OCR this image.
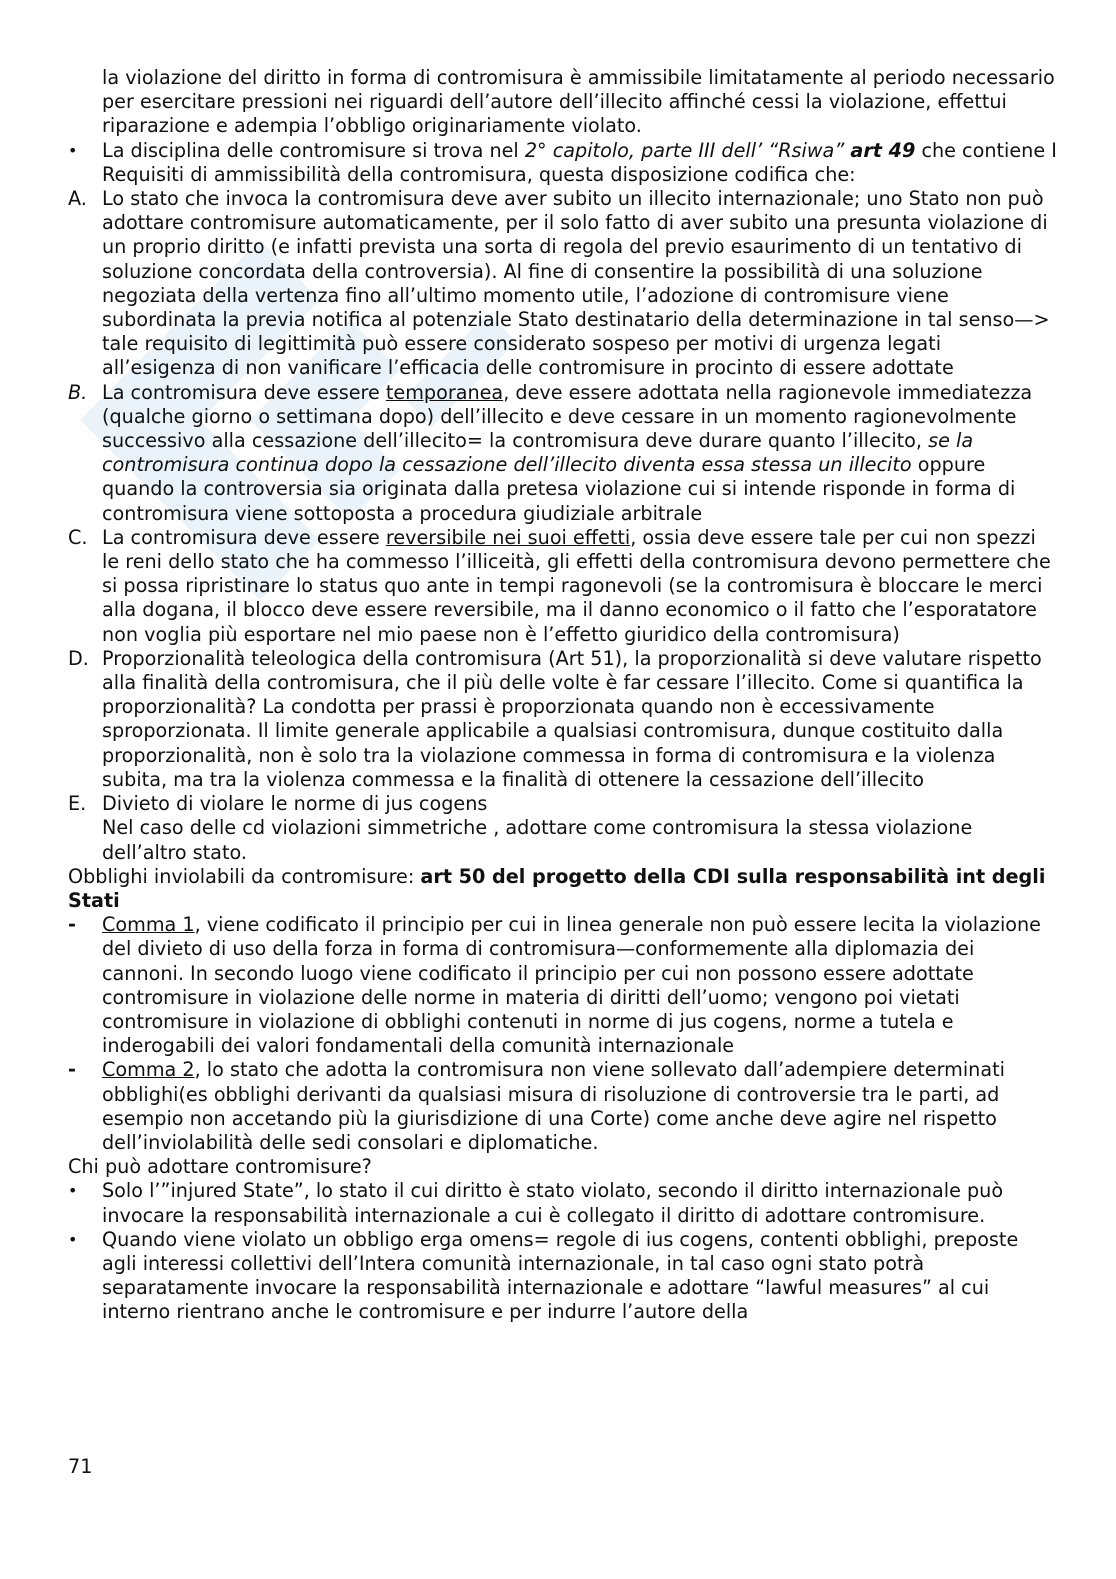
la violazione del diritto in forma di contromisura è ammissibile limitatamente al periodo necessario per esercitare pressioni nei riguardi dell’autore dell’illecito affinché cessi la violazione, effettui riparazione e adempia l’obbligo originariamente violato.
•	La disciplina delle contromisure si trova nel 2° capitolo, parte III dell’ “Rsiwa” art 49 che contiene I Requisiti di ammissibilità della contromisura, questa disposizione codifica che:
A. Lo stato che invoca la contromisura deve aver subito un illecito internazionale; uno Stato non può adottare contromisure automaticamente, per il solo fatto di aver subito una presunta violazione di un proprio diritto (e infatti prevista una sorta di regola del previo esaurimento di un tentativo di soluzione concordata della controversia). Al fine di consentire la possibilità di una soluzione negoziata della vertenza fino all’ultimo momento utile, l’adozione di contromisure viene subordinata la previa notifica al potenziale Stato destinatario della determinazione in tal senso—> tale requisito di legittimità può essere considerato sospeso per motivi di urgenza legati all’esigenza di non vanificare l’efficacia delle contromisure in procinto di essere adottate
B. La contromisura deve essere temporanea, deve essere adottata nella ragionevole immediatezza (qualche giorno o settimana dopo) dell’illecito e deve cessare in un momento ragionevolmente successivo alla cessazione dell’illecito= la contromisura deve durare quanto l’illecito, se la contromisura continua dopo la cessazione dell’illecito diventa essa stessa un illecito oppure quando la controversia sia originata dalla pretesa violazione cui si intende risponde in forma di contromisura viene sottoposta a procedura giudiziale arbitrale
C. La contromisura deve essere reversibile nei suoi effetti, ossia deve essere tale per cui non spezzi le reni dello stato che ha commesso l’illiceità, gli effetti della contromisura devono permettere che si possa ripristinare lo status quo ante in tempi ragonevoli (se la contromisura è bloccare le merci alla dogana, il blocco deve essere reversibile, ma il danno economico o il fatto che l’esporatatore non voglia più esportare nel mio paese non è l’effetto giuridico della contromisura)
D. Proporzionalità teleologica della contromisura (Art 51), la proporzionalità si deve valutare rispetto alla finalità della contromisura, che il più delle volte è far cessare l’illecito. Come si quantifica la proporzionalità? La condotta per prassi è proporzionata quando non è eccessivamente sproporzionata. Il limite generale applicabile a qualsiasi contromisura, dunque costituito dalla proporzionalità, non è solo tra la violazione commessa in forma di contromisura e la violenza subita, ma tra la violenza commessa e la finalità di ottenere la cessazione dell’illecito
E. Divieto di violare le norme di jus cogens
Nel caso delle cd violazioni simmetriche , adottare come contromisura la stessa violazione dell’altro stato.
Obblighi inviolabili da contromisure: art 50 del progetto della CDI sulla responsabilità int degli Stati
-	Comma 1, viene codificato il principio per cui in linea generale non può essere lecita la violazione del divieto di uso della forza in forma di contromisura—conformemente alla diplomazia dei cannoni. In secondo luogo viene codificato il principio per cui non possono essere adottate contromisure in violazione delle norme in materia di diritti dell’uomo; vengono poi vietati contromisure in violazione di obblighi contenuti in norme di jus cogens, norme a tutela e inderogabili dei valori fondamentali della comunità internazionale
-	Comma 2, lo stato che adotta la contromisura non viene sollevato dall’adempiere determinati obblighi(es obblighi derivanti da qualsiasi misura di risoluzione di controversie tra le parti, ad esempio non accetando più la giurisdizione di una Corte) come anche deve agire nel rispetto dell’inviolabilità delle sedi consolari e diplomatiche.
Chi può adottare contromisure?
•	Solo l’”injured State”, lo stato il cui diritto è stato violato, secondo il diritto internazionale può invocare la responsabilità internazionale a cui è collegato il diritto di adottare contromisure.
•	Quando viene violato un obbligo erga omens= regole di ius cogens, contenti obblighi, preposte agli interessi collettivi dell’Intera comunità internazionale, in tal caso ogni stato potrà separatamente invocare la responsabilità internazionale e adottare “lawful measures” al cui interno rientrano anche le contromisure e per indurre l’autore della
71
